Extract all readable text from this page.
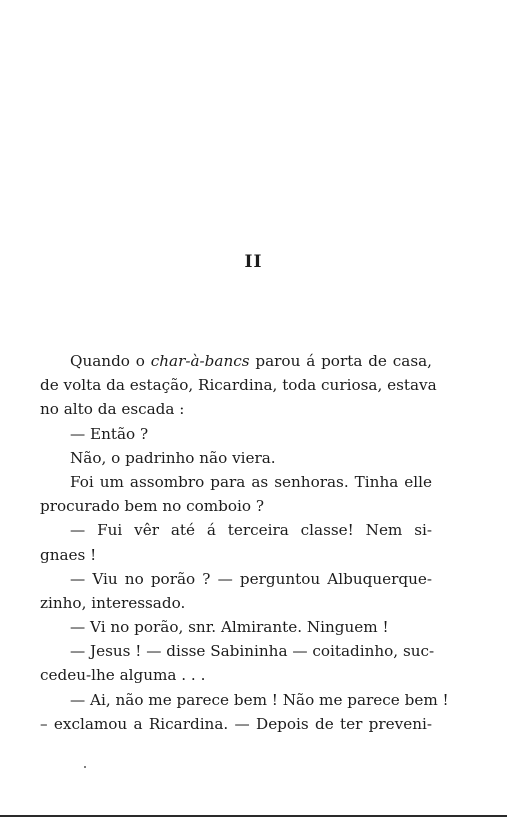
II
Quando o char-à-bancs parou á porta de casa,
de volta da estação, Ricardina, toda curiosa, estava
no alto da escada :
— Então ?
Não, o padrinho não viera.
Foi um assombro para as senhoras. Tinha elle
procurado bem no comboio ?
— Fui vêr até á terceira classe! Nem si-
gnaes !
— Viu no porão ? — perguntou Albuquerque-
zinho, interessado.
— Vi no porão, snr. Almirante. Ninguem !
— Jesus ! — disse Sabininha — coitadinho, suc-
cedeu-lhe alguma . . .
— Ai, não me parece bem ! Não me parece bem !
– exclamou a Ricardina. — Depois de ter preveni-
